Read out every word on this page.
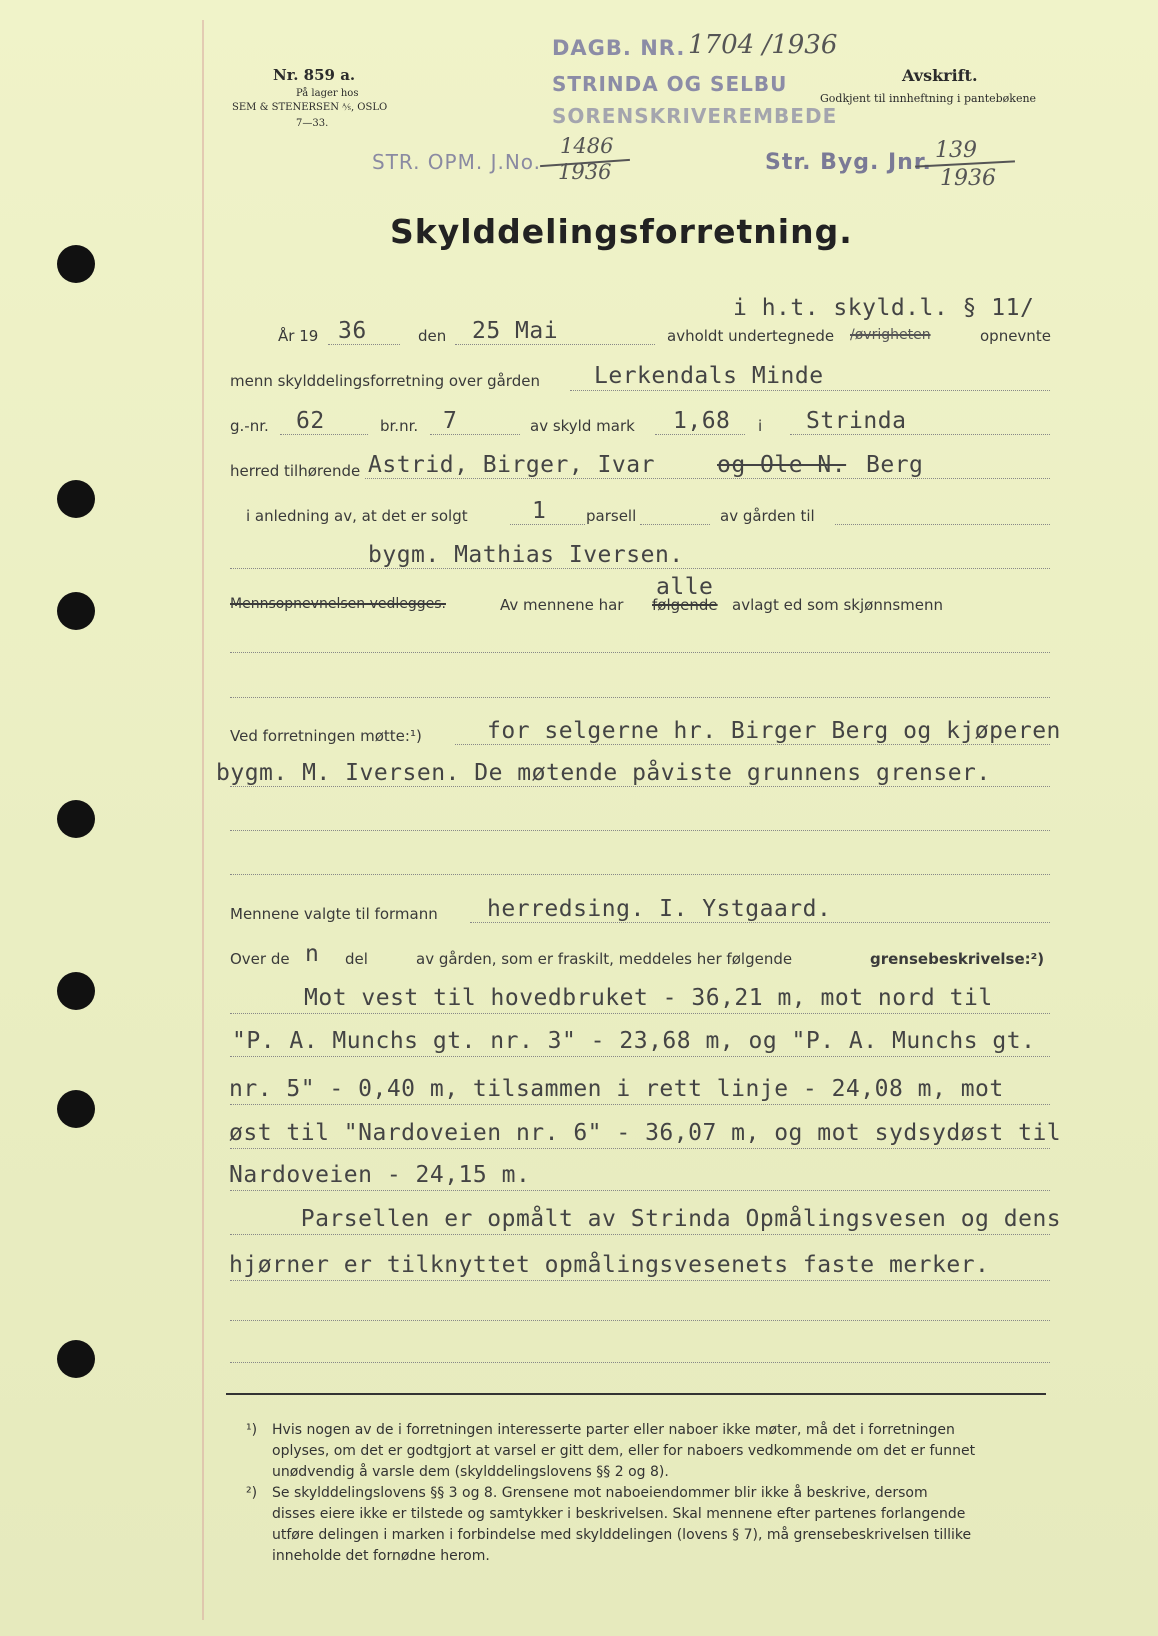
Nr. 859 a.
På lager hos
SEM & STENERSEN ⅍, OSLO
7—33.
DAGB. NR. 1704 /1936
STRINDA OG SELBU
SORENSKRIVEREMBEDE
Avskrift.
Godkjent til innheftning i pantebøkene
STR. OPM. J.No.
1486
1936	Str. Byg. Jnr. 139
1936
Skylddelingsforretning.
År 19 36	den 25 Mai
i h.t. skyld.l. § 11/
avholdt undertegnede /ø̶v̶r̶i̶g̶h̶e̶t̶e̶n̶	opnevnte
menn skylddelingsforretning over gården Lerkendals Minde
g.-nr. 62	br.nr. 7	av skyld mark 1,68 i Strinda
herred tilhørende Astrid, Birger, Ivar	og Ole N. Berg
i anledning av, at det er solgt	1	parsell	av gården til
bygm. Mathias Iversen.
Mennsopnevnelsen vedlegges.	Av mennene har
alle
følgende avlagt ed som skjønnsmenn
Ved forretningen møtte:¹)	for selgerne hr. Birger Berg og kjøperen
bygm. M. Iversen. De møtende påviste grunnens grenser.
Mennene valgte til formann herredsing. I. Ystgaard.
Over de n del	av gården, som er fraskilt, meddeles her følgende	grensebeskrivelse:²)
Mot vest til hovedbruket - 36,21 m, mot nord til
"P. A. Munchs gt. nr. 3" - 23,68 m, og "P. A. Munchs gt.
nr. 5" - 0,40 m, tilsammen i rett linje - 24,08 m, mot
øst til "Nardoveien nr. 6" - 36,07 m, og mot sydsydøst til
Nardoveien - 24,15 m.
Parsellen er opmålt av Strinda Opmålingsvesen og dens
hjørner er tilknyttet opmålingsvesenets faste merker.
¹) Hvis nogen av de i forretningen interesserte parter eller naboer ikke møter, må det i forretningen
oplyses, om det er godtgjort at varsel er gitt dem, eller for naboers vedkommende om det er funnet
unødvendig å varsle dem (skylddelingslovens §§ 2 og 8).
²) Se skylddelingslovens §§ 3 og 8. Grensene mot naboeiendommer blir ikke å beskrive, dersom
disses eiere ikke er tilstede og samtykker i beskrivelsen. Skal mennene efter partenes forlangende
utføre delingen i marken i forbindelse med skylddelingen (lovens § 7), må grensebeskrivelsen tillike
inneholde det fornødne herom.
